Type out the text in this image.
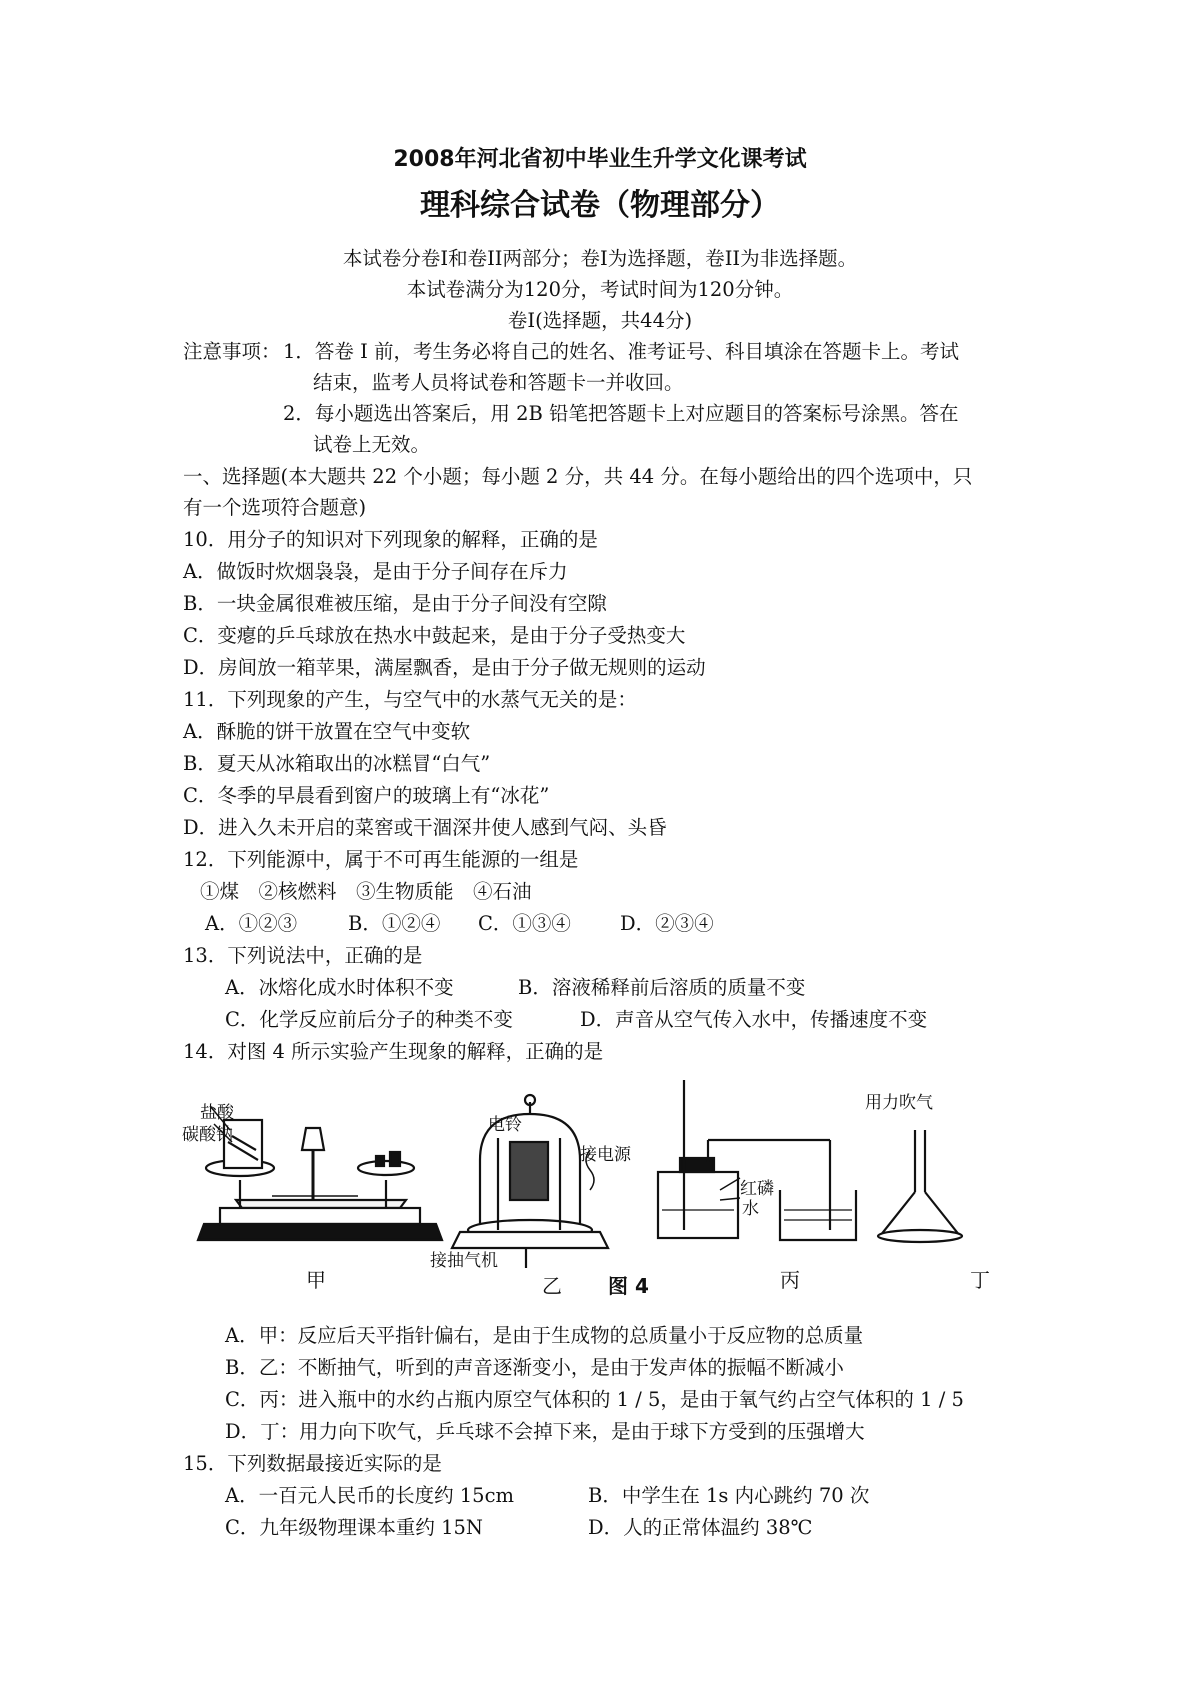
2008年河北省初中毕业生升学文化课考试
理科综合试卷（物理部分）
本试卷分卷I和卷II两部分；卷I为选择题，卷II为非选择题。
本试卷满分为120分，考试时间为120分钟。
卷I(选择题，共44分)
注意事项： 1．答卷 I 前，考生务必将自己的姓名、准考证号、科目填涂在答题卡上。考试
结束，监考人员将试卷和答题卡一并收回。
2．每小题选出答案后，用 2B 铅笔把答题卡上对应题目的答案标号涂黑。答在
试卷上无效。
一、选择题(本大题共 22 个小题；每小题 2 分，共 44 分。在每小题给出的四个选项中，只
有一个选项符合题意)
10．用分子的知识对下列现象的解释，正确的是
A．做饭时炊烟袅袅，是由于分子间存在斥力
B．一块金属很难被压缩，是由于分子间没有空隙
C．变瘪的乒乓球放在热水中鼓起来，是由于分子受热变大
D．房间放一箱苹果，满屋飘香，是由于分子做无规则的运动
11．下列现象的产生，与空气中的水蒸气无关的是：
A．酥脆的饼干放置在空气中变软
B．夏天从冰箱取出的冰糕冒“白气”
C．冬季的早晨看到窗户的玻璃上有“冰花”
D．进入久未开启的菜窖或干涸深井使人感到气闷、头昏
12．下列能源中，属于不可再生能源的一组是
①煤　②核燃料　③生物质能　④石油
A．①②③	B．①②④ C．①③④	D．②③④
13．下列说法中，正确的是
A．冰熔化成水时体积不变	B．溶液稀释前后溶质的质量不变
C．化学反应前后分子的种类不变	D．声音从空气传入水中，传播速度不变
14．对图 4 所示实验产生现象的解释，正确的是
盐酸
碳酸钠	电铃
接电源
接抽气机
红磷
水
用力吹气
甲	乙	丙	丁
图 4
A．甲：反应后天平指针偏右，是由于生成物的总质量小于反应物的总质量
B．乙：不断抽气，听到的声音逐渐变小，是由于发声体的振幅不断减小
C．丙：进入瓶中的水约占瓶内原空气体积的 1 / 5，是由于氧气约占空气体积的 1 / 5
D．丁：用力向下吹气，乒乓球不会掉下来，是由于球下方受到的压强增大
15．下列数据最接近实际的是
A．一百元人民币的长度约 15cm	B．中学生在 1s 内心跳约 70 次
C．九年级物理课本重约 15N	D．人的正常体温约 38℃
